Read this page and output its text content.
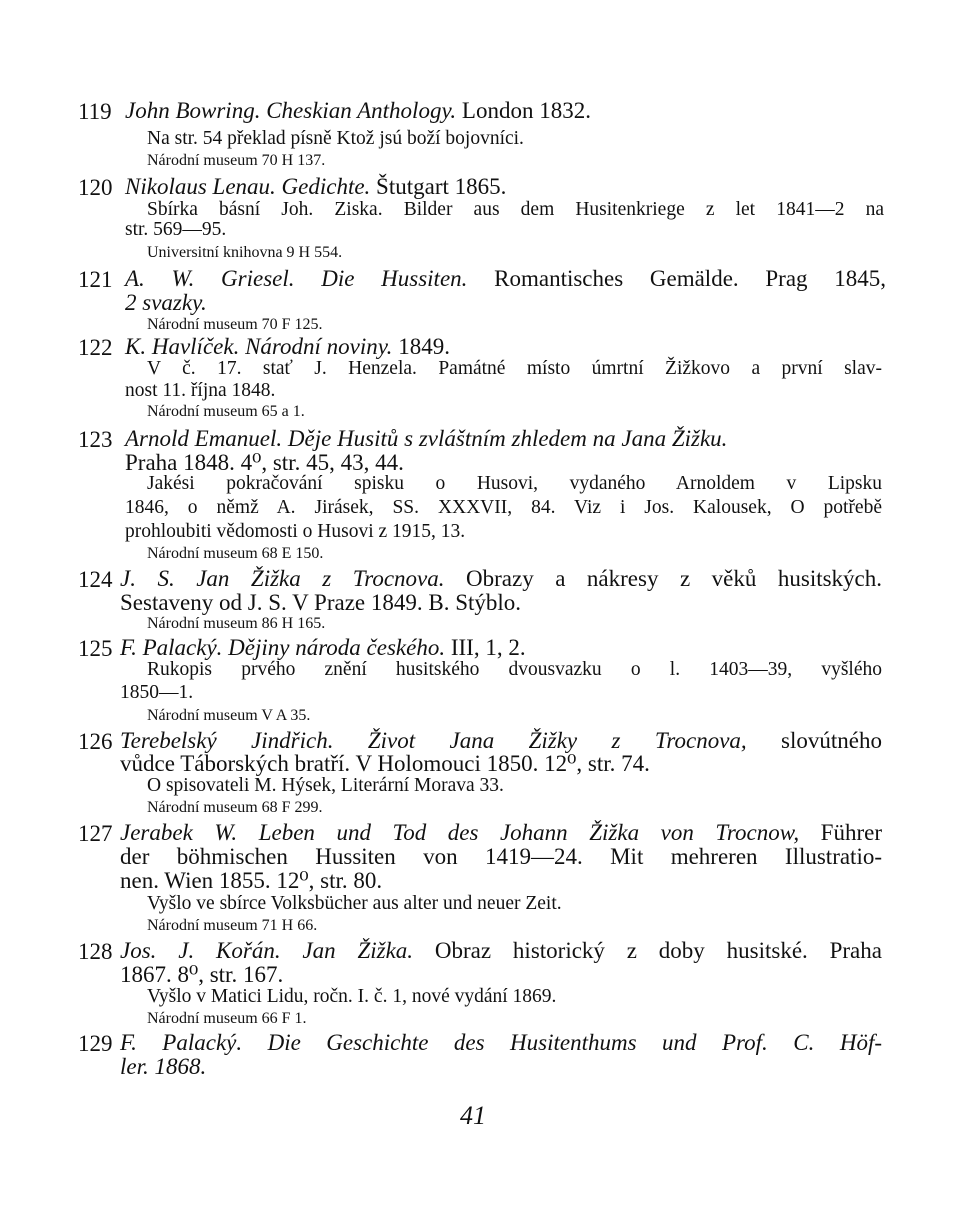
119 John Bowring. Cheskian Anthology. London 1832.
Na str. 54 překlad písně Ktož jsú boží bojovníci.
Národní museum 70 H 137.
120 Nikolaus Lenau. Gedichte. Štutgart 1865.
Sbírka básní Joh. Ziska. Bilder aus dem Husitenkriege z let 1841—2 na
str. 569—95.
Universitní knihovna 9 H 554.
121 A. W. Griesel. Die Hussiten. Romantisches Gemälde. Prag 1845,
2 svazky.
Národní museum 70 F 125.
122 K. Havlíček. Národní noviny. 1849.
V č. 17. stať J. Henzela. Památné místo úmrtní Žižkovo a první slav-
nost 11. října 1848.
Národní museum 65 a 1.
123 Arnold Emanuel. Děje Husitů s zvláštním zhledem na Jana Žižku.
Praha 1848. 4⁰, str. 45, 43, 44.
Jakési pokračování spisku o Husovi, vydaného Arnoldem v Lipsku
1846, o němž A. Jirásek, SS. XXXVII, 84. Viz i Jos. Kalousek, O potřebě
prohloubiti vědomosti o Husovi z 1915, 13.
Národní museum 68 E 150.
124 J. S. Jan Žižka z Trocnova. Obrazy a nákresy z věků husitských.
Sestaveny od J. S. V Praze 1849. B. Stýblo.
Národní museum 86 H 165.
125 F. Palacký. Dějiny národa českého. III, 1, 2.
Rukopis prvého znění husitského dvousvazku o l. 1403—39, vyšlého
1850—1.
Národní museum V A 35.
126 Terebelský Jindřich. Život Jana Žižky z Trocnova, slovútného
vůdce Táborských bratří. V Holomouci 1850. 12⁰, str. 74.
O spisovateli M. Hýsek, Literární Morava 33.
Národní museum 68 F 299.
127 Jerabek W. Leben und Tod des Johann Žižka von Trocnow, Führer
der böhmischen Hussiten von 1419—24. Mit mehreren Illustratio-
nen. Wien 1855. 12⁰, str. 80.
Vyšlo ve sbírce Volksbücher aus alter und neuer Zeit.
Národní museum 71 H 66.
128 Jos. J. Kořán. Jan Žižka. Obraz historický z doby husitské. Praha
1867. 8⁰, str. 167.
Vyšlo v Matici Lidu, ročn. I. č. 1, nové vydání 1869.
Národní museum 66 F 1.
129 F. Palacký. Die Geschichte des Husitenthums und Prof. C. Höf-
ler. 1868.
41
